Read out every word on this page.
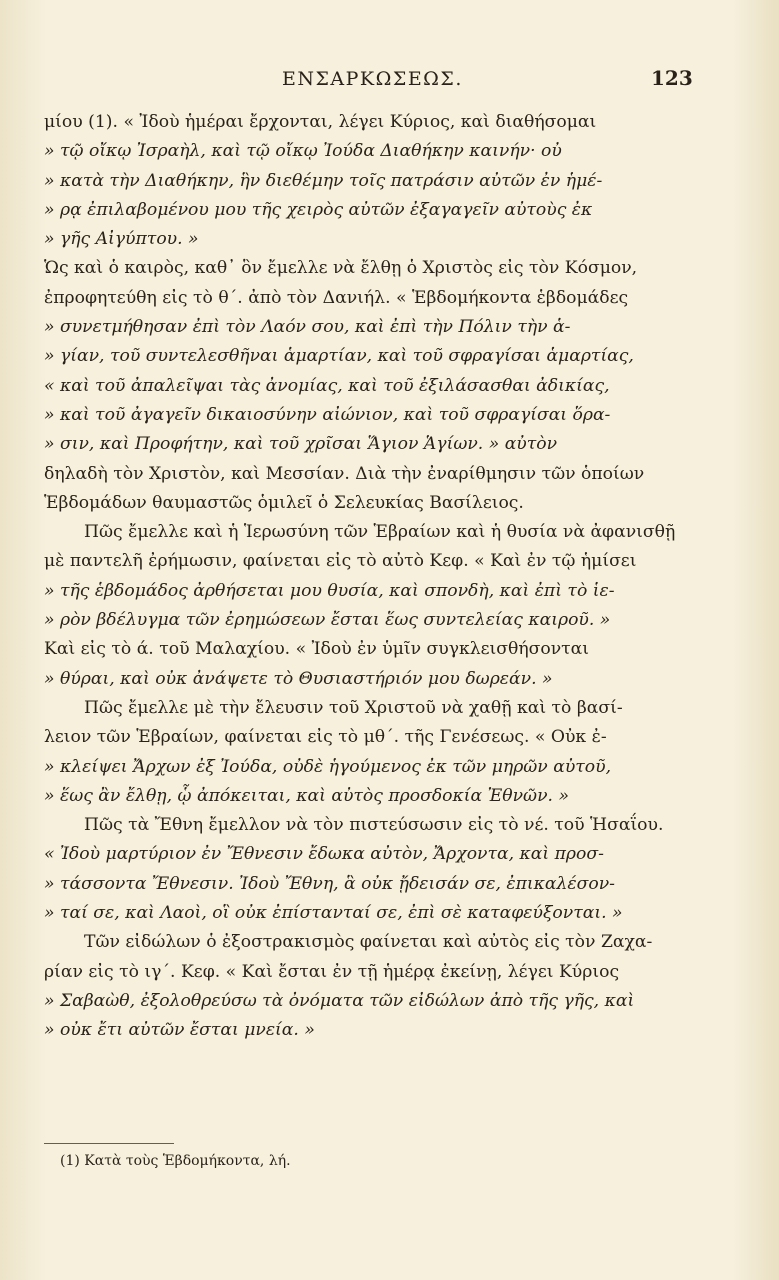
ΕΝΣΑΡΚΩΣΕΩΣ.	123
μίου (1). « Ἰδοὺ ἡμέραι ἔρχονται, λέγει Κύριος, καὶ διαθήσομαι
» τῷ οἴκῳ Ἰσραὴλ, καὶ τῷ οἴκῳ Ἰούδα Διαθήκην καινήν· οὐ
» κατὰ τὴν Διαθήκην, ἣν διεθέμην τοῖς πατράσιν αὐτῶν ἐν ἡμέ-
» ρᾳ ἐπιλαβομένου μου τῆς χειρὸς αὐτῶν ἐξαγαγεῖν αὐτοὺς ἐκ
» γῆς Αἰγύπτου. »
Ὡς καὶ ὁ καιρὸς, καθ᾽ ὃν ἔμελλε νὰ ἔλθῃ ὁ Χριστὸς εἰς τὸν Κόσμον,
ἐπροφητεύθη εἰς τὸ θ΄. ἀπὸ τὸν Δανιήλ. « Ἑβδομήκοντα ἑβδομάδες
» συνετμήθησαν ἐπὶ τὸν Λαόν σου, καὶ ἐπὶ τὴν Πόλιν τὴν ἁ-
» γίαν, τοῦ συντελεσθῆναι ἁμαρτίαν, καὶ τοῦ σφραγίσαι ἁμαρτίας,
« καὶ τοῦ ἀπαλεῖψαι τὰς ἀνομίας, καὶ τοῦ ἐξιλάσασθαι ἀδικίας,
» καὶ τοῦ ἀγαγεῖν δικαιοσύνην αἰώνιον, καὶ τοῦ σφραγίσαι ὅρα-
» σιν, καὶ Προφήτην, καὶ τοῦ χρῖσαι Ἅγιον Ἁγίων. » αὐτὸν
δηλαδὴ τὸν Χριστὸν, καὶ Μεσσίαν. Διὰ τὴν ἐναρίθμησιν τῶν ὁποίων
Ἑβδομάδων θαυμαστῶς ὁμιλεῖ ὁ Σελευκίας Βασίλειος.
Πῶς ἔμελλε καὶ ἡ Ἱερωσύνη τῶν Ἑβραίων καὶ ἡ θυσία νὰ ἀφανισθῇ
μὲ παντελῆ ἐρήμωσιν, φαίνεται εἰς τὸ αὐτὸ Κεφ. « Καὶ ἐν τῷ ἡμίσει
» τῆς ἑβδομάδος ἀρθήσεται μου θυσία, καὶ σπονδὴ, καὶ ἐπὶ τὸ ἱε-
» ρὸν βδέλυγμα τῶν ἐρημώσεων ἔσται ἕως συντελείας καιροῦ. »
Καὶ εἰς τὸ ά. τοῦ Μαλαχίου. « Ἰδοὺ ἐν ὑμῖν συγκλεισθήσονται
» θύραι, καὶ οὐκ ἀνάψετε τὸ Θυσιαστήριόν μου δωρεάν. »
Πῶς ἔμελλε μὲ τὴν ἔλευσιν τοῦ Χριστοῦ νὰ χαθῇ καὶ τὸ βασί-
λειον τῶν Ἑβραίων, φαίνεται εἰς τὸ μθ΄. τῆς Γενέσεως. « Οὐκ ἐ-
» κλείψει Ἄρχων ἐξ Ἰούδα, οὐδὲ ἡγούμενος ἐκ τῶν μηρῶν αὐτοῦ,
» ἕως ἂν ἔλθῃ, ᾧ ἀπόκειται, καὶ αὐτὸς προσδοκία Ἐθνῶν. »
Πῶς τὰ Ἔθνη ἔμελλον νὰ τὸν πιστεύσωσιν εἰς τὸ νέ. τοῦ Ἡσαΐου.
« Ἰδοὺ μαρτύριον ἐν Ἔθνεσιν ἔδωκα αὐτὸν, Ἄρχοντα, καὶ προσ-
» τάσσοντα Ἔθνεσιν. Ἰδοὺ Ἔθνη, ἃ οὐκ ᾔδεισάν σε, ἐπικαλέσον-
» ταί σε, καὶ Λαοὶ, οἳ οὐκ ἐπίστανταί σε, ἐπὶ σὲ καταφεύξονται. »
Τῶν εἰδώλων ὁ ἐξοστρακισμὸς φαίνεται καὶ αὐτὸς εἰς τὸν Ζαχα-
ρίαν εἰς τὸ ιγ΄. Κεφ. « Καὶ ἔσται ἐν τῇ ἡμέρᾳ ἐκείνῃ, λέγει Κύριος
» Σαβαὼθ, ἐξολοθρεύσω τὰ ὀνόματα τῶν εἰδώλων ἀπὸ τῆς γῆς, καὶ
» οὐκ ἔτι αὐτῶν ἔσται μνεία. »
(1) Κατὰ τοὺς Ἑβδομήκοντα, λή.
